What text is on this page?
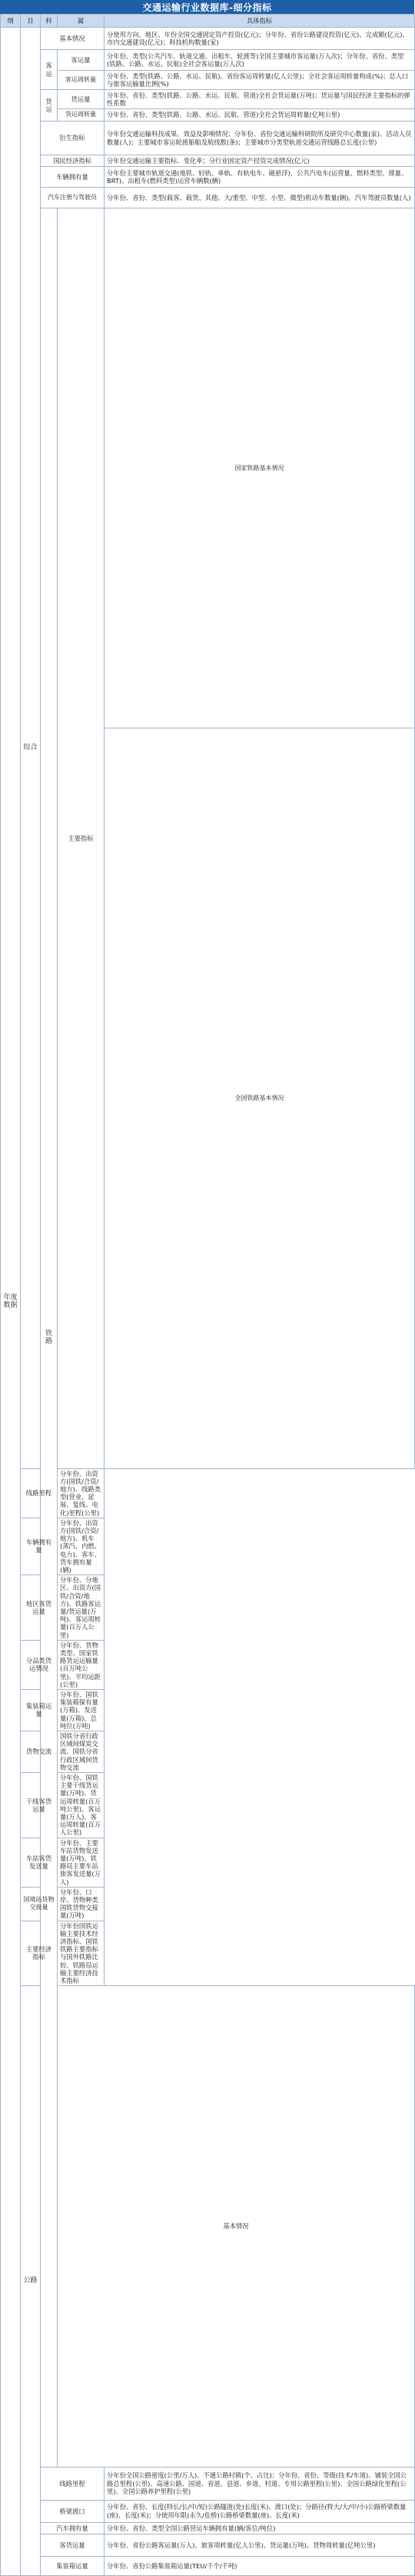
交通运输行业数据库-细分指标
纲	目	科	属	具体指标	
年度数据	综合	基本情况		分使用方向、地区、年份全国交通固定资产投资(亿元)；分年份、省份公路建设投资(亿元)、完成额(亿元)、市内交通建设(亿元)；科技机构数量(家)	
		客运	客运量	分年份、类型(公共汽车、轨道交通、出租车、轮渡等)全国主要城市客运量(万人次)；分年份、省份、类型(铁路、公路、水运、民航)全社会客运量(万人次)	
			客运周转量	分年份、类型(铁路、公路、水运、民航)、省份客运周转量(亿人公里)；全社会客运周转量构成(%)；总人口与旅客运输量比例(%)	
		货运	货运量	分年份、省份、类型(铁路、公路、水运、民航、管道)全社会货运量(万吨)；货运量与国民经济主要指标的弹性系数	
			货运周转量	分年份、省份、类型(铁路、公路、水运、民航、管道)全社会货运周转量(亿吨公里)	
		衍生指标		分年份交通运输科技成果、效益及影响情况；分年份、省份交通运输科研院所及研究中心数量(家)、活动人员数量(人)；主要城市客运轮渡船舶及航线数(条)；主要城市分类型轨道交通运营线路总长度(公里)	
		国民经济指标		分年份交通运输主要指标、变化率；分行业固定资产投资完成情况(亿元)	
		车辆拥有量		分年份主要城市轨道交通(地铁、轻轨、单轨、有轨电车、磁悬浮)、公共汽电车(运营量、燃料类型、排量、BRT)、出租车(燃料类型)运营车辆数(辆)	
		汽车注册与驾驶员		分年份、省份、类型(载客、载货、其他、大/重型、中型、小型、微型)机动车数量(辆)，汽车驾驶员数量(人)	
		铁路	主要指标	国家铁路基本情况	
				全国铁路基本情况	
	线路里程		分年份、出资方(国铁/合资/地方)、线路类型(营业、延展、复线、电化)里程(公里)		
	车辆拥有量		分年份、出资方(国铁/合资/地方)、机车(蒸汽、内燃、电力)、客车、货车拥有量(辆)		
	地区客货运量		分年份、分地区、出资方(国铁/合资/地方)、铁路客运量/货运量(万吨)、客运周转量(百万人公里)		
	分品类货运情况		分年份、货物类型、国家铁路货运运输量(百万吨公里)、平均运距(公里)		
	集装箱运量		分年份、国铁集装箱保有量(万箱)、发送量(万箱)、总吨位(万吨)		
	货物交流		国铁分省行政区域间煤炭交流、国铁分省行政区域间货物交流		
	干线客货运量		分年份、国铁主要干线货运量(万吨)、货运周转量(百万吨公里)、客运量(万人)、客运周转量(百万人公里)		
	车站客货发送量		分年份、主要车站货物发送量(万吨)、铁路局主要车站旅客发送量(万人)		
	国境站货物交接量		分年份、口岸、货物种类国铁货物交接量(万吨)		
	主要经济指标		分年份国铁运输主要技术经济指标、国铁铁路主要指标与国外铁路比较、铁路局运输主要经济技术指标		
	公路		基本情况	
		线路里程		分年份全国公路密度(公里/万人)、不通公路村镇(个、占比)；分年份、省份、等级(技术/车道)、铺装全国公路总里程(公里)、高速公路、国道、省道、县道、乡道、村道、专用公路里程(公里)、全国公路绿化里程(公里)、全国公路养护里程(公里)	
		桥梁渡口		分年份、省份、长度(特长/长/中/短)公路隧道(处)长度(米)、渡口(处)；分路径(特大/大/中/小)公路桥梁数量(座)、长度(米)；分使用年限(永久/危桥)公路桥梁数量(座)、长度(米)	
		汽车拥有量		分年份、省份、类型全国公路营运车辆拥有量(辆/客位/吨位)	
		客货运量		分年份、省份公路客运量(万人)、旅客周转量(亿人公里)、货运量(万吨)、货物周转量(亿吨公里)	
		集装箱运量		分年份、省份公路集装箱运量(TEU/千个/千吨)	
